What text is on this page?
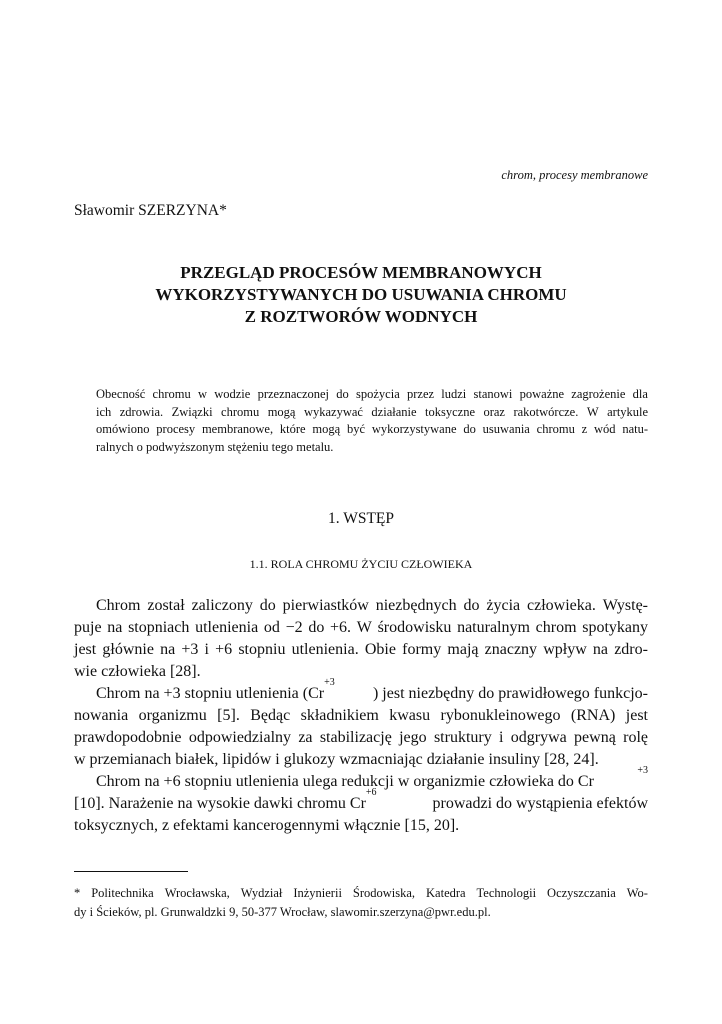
chrom, procesy membranowe
Sławomir SZERZYNA*
PRZEGLĄD PROCESÓW MEMBRANOWYCH
WYKORZYSTYWANYCH DO USUWANIA CHROMU
Z ROZTWORÓW WODNYCH
Obecność chromu w wodzie przeznaczonej do spożycia przez ludzi stanowi poważne zagrożenie dla
ich zdrowia. Związki chromu mogą wykazywać działanie toksyczne oraz rakotwórcze. W artykule
omówiono procesy membranowe, które mogą być wykorzystywane do usuwania chromu z wód natu-
ralnych o podwyższonym stężeniu tego metalu.
1. WSTĘP
1.1. ROLA CHROMU ŻYCIU CZŁOWIEKA
Chrom został zaliczony do pierwiastków niezbędnych do życia człowieka. Wystę-
puje na stopniach utlenienia od −2 do +6. W środowisku naturalnym chrom spotykany
jest głównie na +3 i +6 stopniu utlenienia. Obie formy mają znaczny wpływ na zdro-
wie człowieka [28].
Chrom na +3 stopniu utlenienia (Cr
+3
) jest niezbędny do prawidłowego funkcjo-
nowania organizmu [5]. Będąc składnikiem kwasu rybonukleinowego (RNA) jest
prawdopodobnie odpowiedzialny za stabilizację jego struktury i odgrywa pewną rolę
w przemianach białek, lipidów i glukozy wzmacniając działanie insuliny [28, 24].
Chrom na +6 stopniu utlenienia ulega redukcji w organizmie człowieka do Cr
+3
[10]. Narażenie na wysokie dawki chromu Cr
+6
prowadzi do wystąpienia efektów
toksycznych, z efektami kancerogennymi włącznie [15, 20].
* Politechnika Wrocławska, Wydział Inżynierii Środowiska, Katedra Technologii Oczyszczania Wo-
dy i Ścieków, pl. Grunwaldzki 9, 50-377 Wrocław, slawomir.szerzyna@pwr.edu.pl.
